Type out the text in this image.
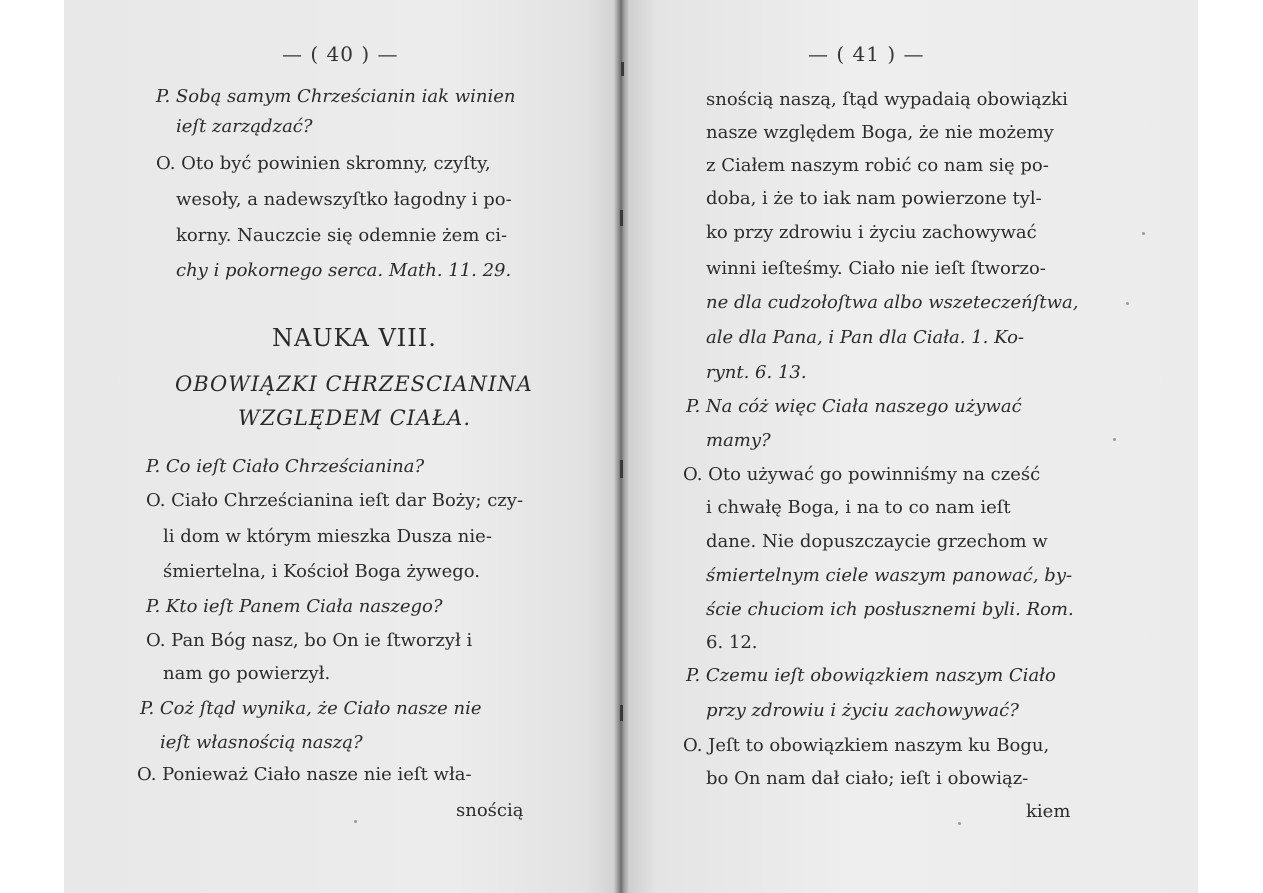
— ( 40 ) —
P. Sobą samym Chrześcianin iak winien
ieſt zarządzać?
O. Oto być powinien skromny, czyſty,
wesoły, a nadewszyſtko łagodny i po-
korny. Nauczcie się odemnie żem ci-
chy i pokornego serca. Math. 11. 29.
NAUKA VIII.
OBOWIĄZKI CHRZESCIANINA
WZGLĘDEM CIAŁA.
P. Co ieſt Ciało Chrześcianina?
O. Ciało Chrześcianina ieſt dar Boży; czy-
li dom w którym mieszka Dusza nie-
śmiertelna, i Kościoł Boga żywego.
P. Kto ieſt Panem Ciała naszego?
O. Pan Bóg nasz, bo On ie ſtworzył i
nam go powierzył.
P. Coż ſtąd wynika, że Ciało nasze nie
ieſt własnością naszą?
O. Ponieważ Ciało nasze nie ieſt wła-
snością
— ( 41 ) —
snością naszą, ſtąd wypadaią obowiązki
nasze względem Boga, że nie możemy
z Ciałem naszym robić co nam się po-
doba, i że to iak nam powierzone tyl-
ko przy zdrowiu i życiu zachowywać
winni ieſteśmy. Ciało nie ieſt ſtworzo-
ne dla cudzołoſtwa albo wszeteczeńſtwa,
ale dla Pana, i Pan dla Ciała. 1. Ko-
rynt. 6. 13.
P. Na cóż więc Ciała naszego używać
mamy?
O. Oto używać go powinniśmy na cześć
i chwałę Boga, i na to co nam ieſt
dane. Nie dopuszczaycie grzechom w
śmiertelnym ciele waszym panować, by-
ście chuciom ich posłusznemi byli. Rom.
6. 12.
P. Czemu ieſt obowiązkiem naszym Ciało
przy zdrowiu i życiu zachowywać?
O. Jeſt to obowiązkiem naszym ku Bogu,
bo On nam dał ciało; ieſt i obowiąz-
kiem
